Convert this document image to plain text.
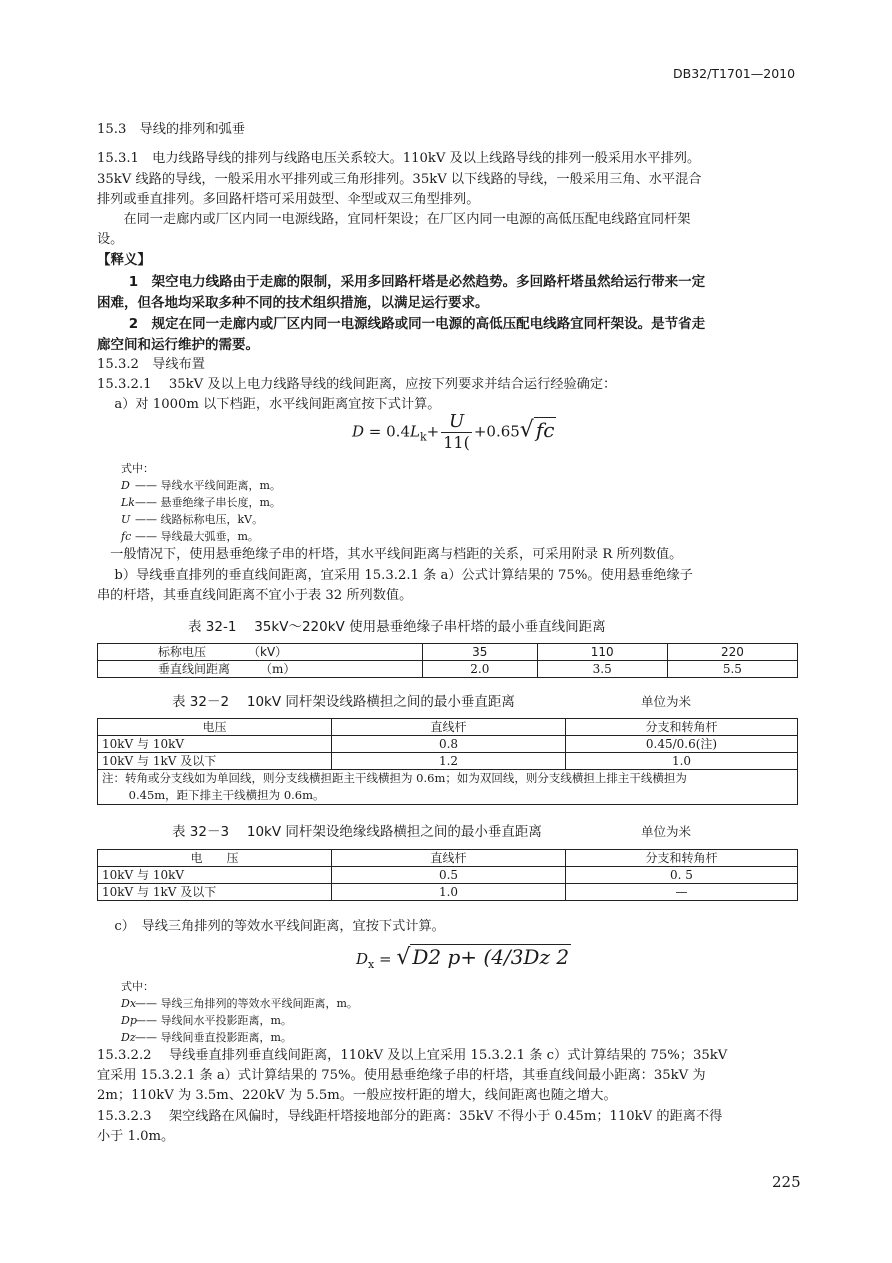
DB32/T1701—2010
15.3　导线的排列和弧垂
15.3.1　电力线路导线的排列与线路电压关系较大。110kV 及以上线路导线的排列一般采用水平排列。
35kV 线路的导线，一般采用水平排列或三角形排列。35kV 以下线路的导线，一般采用三角、水平混合
排列或垂直排列。多回路杆塔可采用鼓型、伞型或双三角型排列。
　　在同一走廊内或厂区内同一电源线路，宜同杆架设；在厂区内同一电源的高低压配电线路宜同杆架
设。
【释义】
　　 1　架空电力线路由于走廊的限制，采用多回路杆塔是必然趋势。多回路杆塔虽然给运行带来一定
困难，但各地均采取多种不同的技术组织措施，以满足运行要求。
　　 2　规定在同一走廊内或厂区内同一电源线路或同一电源的高低压配电线路宜同杆架设。是节省走
廊空间和运行维护的需要。
15.3.2　导线布置
15.3.2.1　 35kV 及以上电力线路导线的线间距离，应按下列要求并结合运行经验确定：
　 a）对 1000m 以下档距，水平线间距离宜按下式计算。
$D = 0.4L_k+ \frac{U}{11(} +0.65√$ fc
式中：
D —— 导线水平线间距离，m。
Lk—— 悬垂绝缘子串长度，m。
U —— 线路标称电压，kV。
fc —— 导线最大弧垂，m。
　一般情况下，使用悬垂绝缘子串的杆塔，其水平线间距离与档距的关系，可采用附录 R 所列数值。
　 b）导线垂直排列的垂直线间距离，宜采用 15.3.2.1 条 a）公式计算结果的 75%。使用悬垂绝缘子
串的杆塔，其垂直线间距离不宜小于表 32 所列数值。
表 32-1　 35kV～220kV 使用悬垂绝缘子串杆塔的最小垂直线间距离
标称电压　　　　（kV）	35	110	220
垂直线间距离　　　（m）	2.0	3.5	5.5
表 32－2　 10kV 同杆架设线路横担之间的最小垂直距离	单位为米
电压	直线杆	分支和转角杆
10kV 与 10kV	0.8	0.45/0.6(注)
10kV 与 1kV 及以下	1.2	1.0

注：转角或分支线如为单回线，则分支线横担距主干线横担为 0.6m；如为双回线，则分支线横担上排主干线横担为
　　 0.45m，距下排主干线横担为 0.6m。		
表 32－3　 10kV 同杆架设绝缘线路横担之间的最小垂直距离	单位为米
电　　压	直线杆	分支和转角杆
10kV 与 10kV	0.5	0. 5
10kV 与 1kV 及以下	1.0	—
　 c）　导线三角排列的等效水平线间距离，宜按下式计算。
$D_x$ = √ D2 p+ (4/3Dz 2
式中：
Dx—— 导线三角排列的等效水平线间距离，m。
Dp—— 导线间水平投影距离，m。
Dz—— 导线间垂直投影距离，m。
15.3.2.2　 导线垂直排列垂直线间距离，110kV 及以上宜采用 15.3.2.1 条 c）式计算结果的 75%；35kV
宜采用 15.3.2.1 条 a）式计算结果的 75%。使用悬垂绝缘子串的杆塔，其垂直线间最小距离：35kV 为
2m；110kV 为 3.5m、220kV 为 5.5m。一般应按杆距的增大，线间距离也随之增大。
15.3.2.3　 架空线路在风偏时，导线距杆塔接地部分的距离：35kV 不得小于 0.45m；110kV 的距离不得
小于 1.0m。
225
